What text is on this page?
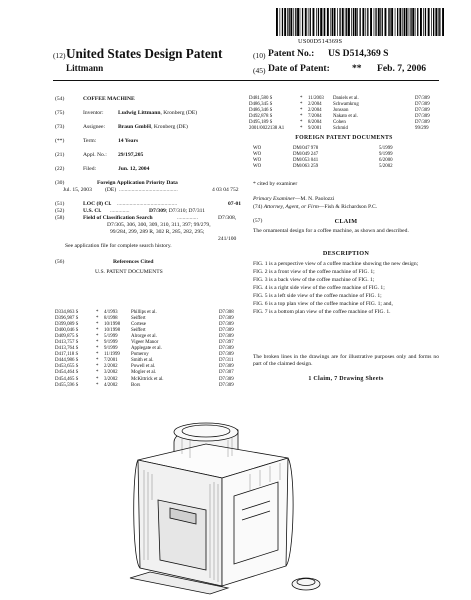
US00D514369S
(12) United States Design Patent
Littmann
(10) Patent No.: US D514,369 S
(45) Date of Patent: ** Feb. 7, 2006
(54)	COFFEE MACHINE
(75)	Inventor:	Ludwig Littmann, Kronberg (DE)
(73)	Assignee: Braun GmbH, Kronberg (DE)
(**)	Term:	14 Years
(21)	Appl. No.: 29/197,205
(22)	Filed:	Jun. 12, 2004
(30)	Foreign Application Priority Data
Jul. 15, 2003 (DE) ..........................................	4 03 04 752
(51)	LOC (8) Cl. ...........................................	07-01
(52)	U.S. Cl. ..............	D7/309; D7/310; D7/311
(58)	Field of Classification Search	...............	D7/308,
D7/305, 306, 300, 309, 310, 311, 397; 99/279,
99/284, 299, 289 R, 302 R, 285, 282, 295;
241/100
See application file for complete search history.
(56)	References Cited
U.S. PATENT DOCUMENTS
D334,863 S	* 4/1993	Phillips et al.	D7/308
D396,987 S	* 8/1998	Seiffert	D7/309
D399,089 S	* 10/1998 Cortese	D7/309
D400,046 S	* 10/1998 Seiffert	D7/309
D409,875 S	* 5/1999	Alrorge et al.	D7/309
D413,757 S	* 9/1999	Vigeer Manor	D7/397
D413,764 S	* 9/1999	Applegate et al.	D7/309
D417,118 S	* 11/1999 Pomeroy	D7/309
D444,986 S	* 7/2001	Smith et al.	D7/311
D453,655 S	* 2/2002	Powell et al.	D7/309
D454,464 S	* 3/2002	Mogler et al.	D7/307
D454,465 S	* 3/2002	McKittrick et al.	D7/309
D455,596 S	* 4/2002	Bors	D7/309
D481,580 S	* 11/2003 Daniels et al.	D7/309
D486,345 S	* 2/2004 Schwamkrug	D7/309
D486,346 S	* 2/2004 Jonsson	D7/309
D492,878 S	* 7/2004 Nakato et al.	D7/309
D495,189 S	* 8/2004 Cohen	D7/309
2001/0022138 A1	* 9/2001 Schmid	99/299
FOREIGN PATENT DOCUMENTS
WO	DM/047 978	5/1999
WO	DM/049 247	9/1999
WO	DM/053 041	6/2000
WO	DM/063 259	5/2002
* cited by examiner
Primary Examiner—M. N. Paolozzi
(74) Attorney, Agent, or Firm—Fish & Richardson P.C.
(57)	CLAIM
The ornamental design for a coffee machine, as shown and described.
DESCRIPTION
FIG. 1 is a perspective view of a coffee machine showing the new design;
FIG. 2 is a front view of the coffee machine of FIG. 1;
FIG. 3 is a back view of the coffee machine of FIG. 1;
FIG. 4 is a right side view of the coffee machine of FIG. 1;
FIG. 5 is a left side view of the coffee machine of FIG. 1;
FIG. 6 is a top plan view of the coffee machine of FIG. 1; and,
FIG. 7 is a bottom plan view of the coffee machine of FIG. 1.
The broken lines in the drawings are for illustrative purposes only and forms no part of the claimed design.
1 Claim, 7 Drawing Sheets
